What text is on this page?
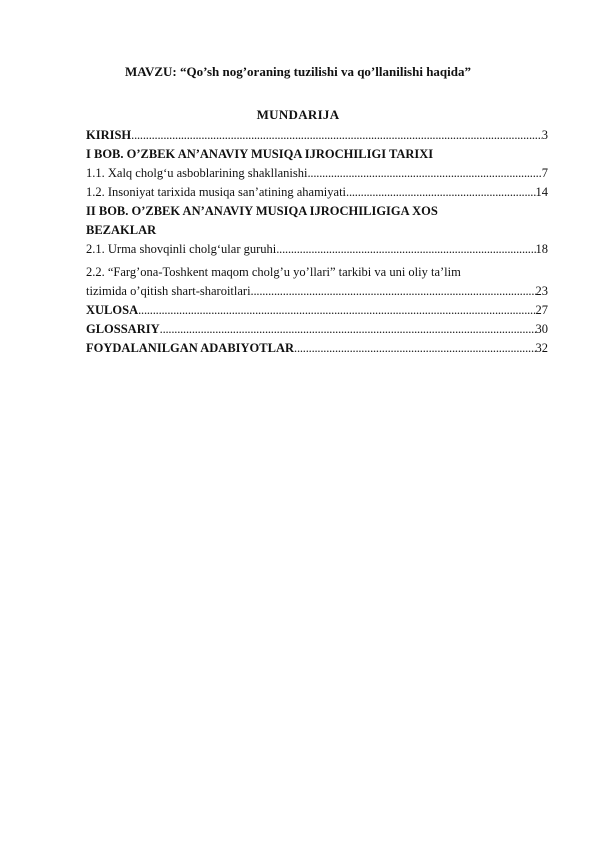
MAVZU: “Qo’sh nog’oraning tuzilishi va qo’llanilishi haqida”
MUNDARIJA
KIRISH .....	3
I BOB. O’ZBEK AN’ANAVIY MUSIQA IJROCHILIGI TARIXI
1.1. Xalq cholg‘u asboblarining shakllanishi .....	7
1.2. Insoniyat tarixida musiqa san’atining ahamiyati .....	14
II BOB. O’ZBEK AN’ANAVIY MUSIQA IJROCHILIGIGA XOS
BEZAKLAR
2.1. Urma shovqinli cholg‘ular guruhi .....	18
2.2. “Farg’ona-Toshkent maqom cholg’u yo’llari” tarkibi va uni oliy ta’lim
tizimida o’qitish shart-sharoitlari .....	23
XULOSA .....	27
GLOSSARIY .....	30
FOYDALANILGAN ADABIYOTLAR .....	32
